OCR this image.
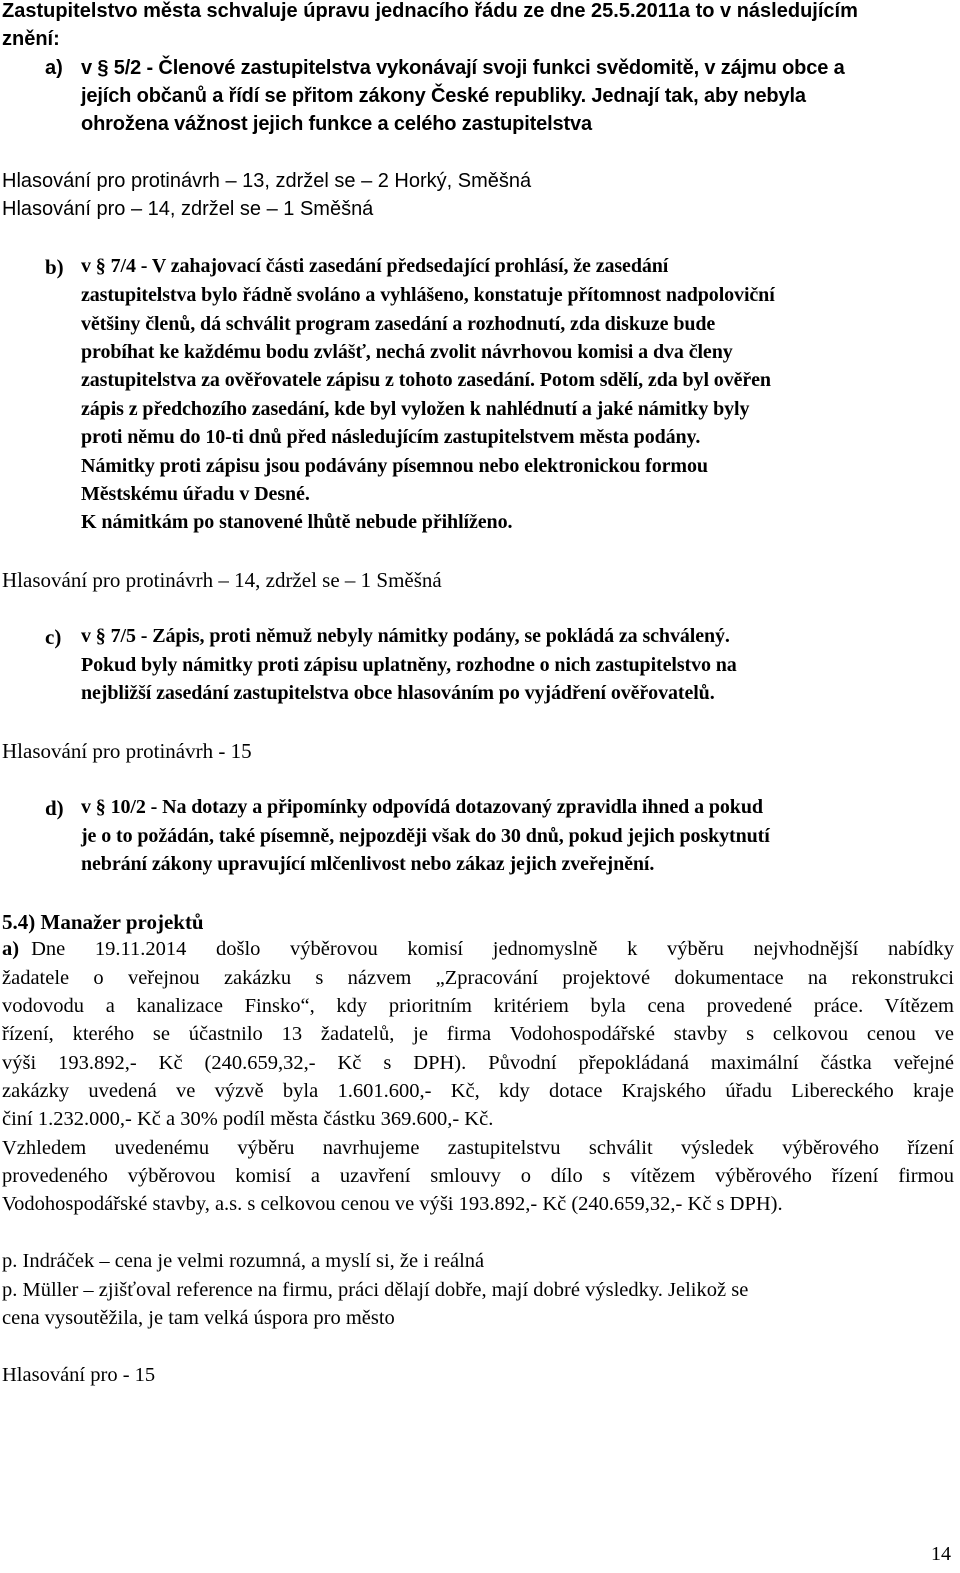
Zastupitelstvo města schvaluje úpravu jednacího řádu ze dne 25.5.2011a to v následujícím
znění:
a) v § 5/2 - Členové zastupitelstva vykonávají svoji funkci svědomitě, v zájmu obce a
jejích občanů a řídí se přitom zákony České republiky. Jednají tak, aby nebyla
ohrožena vážnost jejich funkce a celého zastupitelstva
Hlasování pro protinávrh – 13, zdržel se – 2 Horký, Směšná
Hlasování pro – 14, zdržel se – 1 Směšná
b) v § 7/4 - V zahajovací části zasedání předsedající prohlásí, že zasedání
zastupitelstva bylo řádně svoláno a vyhlášeno, konstatuje přítomnost nadpoloviční
většiny členů, dá schválit program zasedání a rozhodnutí, zda diskuze bude
probíhat ke každému bodu zvlášť, nechá zvolit návrhovou komisi a dva členy
zastupitelstva za ověřovatele zápisu z tohoto zasedání. Potom sdělí, zda byl ověřen
zápis z předchozího zasedání, kde byl vyložen k nahlédnutí a jaké námitky byly
proti němu do 10-ti dnů před následujícím zastupitelstvem města podány.
Námitky proti zápisu jsou podávány písemnou nebo elektronickou formou
Městskému úřadu v Desné.
K námitkám po stanovené lhůtě nebude přihlíženo.
Hlasování pro protinávrh – 14, zdržel se – 1 Směšná
c) v § 7/5 - Zápis, proti němuž nebyly námitky podány, se pokládá za schválený.
Pokud byly námitky proti zápisu uplatněny, rozhodne o nich zastupitelstvo na
nejbližší zasedání zastupitelstva obce hlasováním po vyjádření ověřovatelů.
Hlasování pro protinávrh - 15
d) v § 10/2 - Na dotazy a připomínky odpovídá dotazovaný zpravidla ihned a pokud
je o to požádán, také písemně, nejpozději však do 30 dnů, pokud jejich poskytnutí
nebrání zákony upravující mlčenlivost nebo zákaz jejich zveřejnění.
5.4) Manažer projektů
a) Dne 19.11.2014 došlo výběrovou komisí jednomyslně k výběru nejvhodnější nabídky
žadatele o veřejnou zakázku s názvem „Zpracování projektové dokumentace na rekonstrukci
vodovodu a kanalizace Finsko“, kdy prioritním kritériem byla cena provedené práce. Vítězem
řízení, kterého se účastnilo 13 žadatelů, je firma Vodohospodářské stavby s celkovou cenou ve
výši 193.892,- Kč (240.659,32,- Kč s DPH). Původní přepokládaná maximální částka veřejné
zakázky uvedená ve výzvě byla 1.601.600,- Kč, kdy dotace Krajského úřadu Libereckého kraje
činí 1.232.000,- Kč a 30% podíl města částku 369.600,- Kč.
Vzhledem uvedenému výběru navrhujeme zastupitelstvu schválit výsledek výběrového řízení
provedeného výběrovou komisí a uzavření smlouvy o dílo s vítězem výběrového řízení firmou
Vodohospodářské stavby, a.s. s celkovou cenou ve výši 193.892,- Kč (240.659,32,- Kč s DPH).
p. Indráček – cena je velmi rozumná, a myslí si, že i reálná
p. Müller – zjišťoval reference na firmu, práci dělají dobře, mají dobré výsledky. Jelikož se
cena vysoutěžila, je tam velká úspora pro město
Hlasování pro - 15
14
